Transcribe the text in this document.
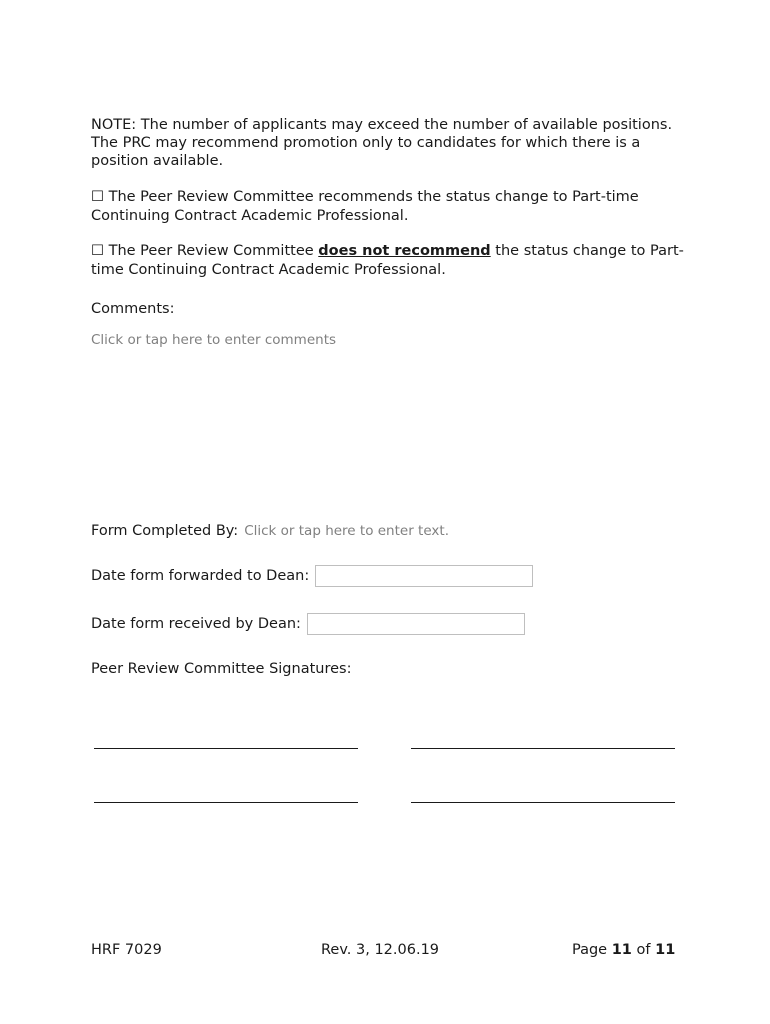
NOTE: The number of applicants may exceed the number of available positions. The PRC may recommend promotion only to candidates for which there is a position available.
☐ The Peer Review Committee recommends the status change to Part-time Continuing Contract Academic Professional.
☐ The Peer Review Committee does not recommend the status change to Part-time Continuing Contract Academic Professional.
Comments:
Click or tap here to enter comments
Form Completed By: Click or tap here to enter text.
Date form forwarded to Dean:
Date form received by Dean:
Peer Review Committee Signatures:
HRF 7029	Rev. 3, 12.06.19	Page 11 of 11
